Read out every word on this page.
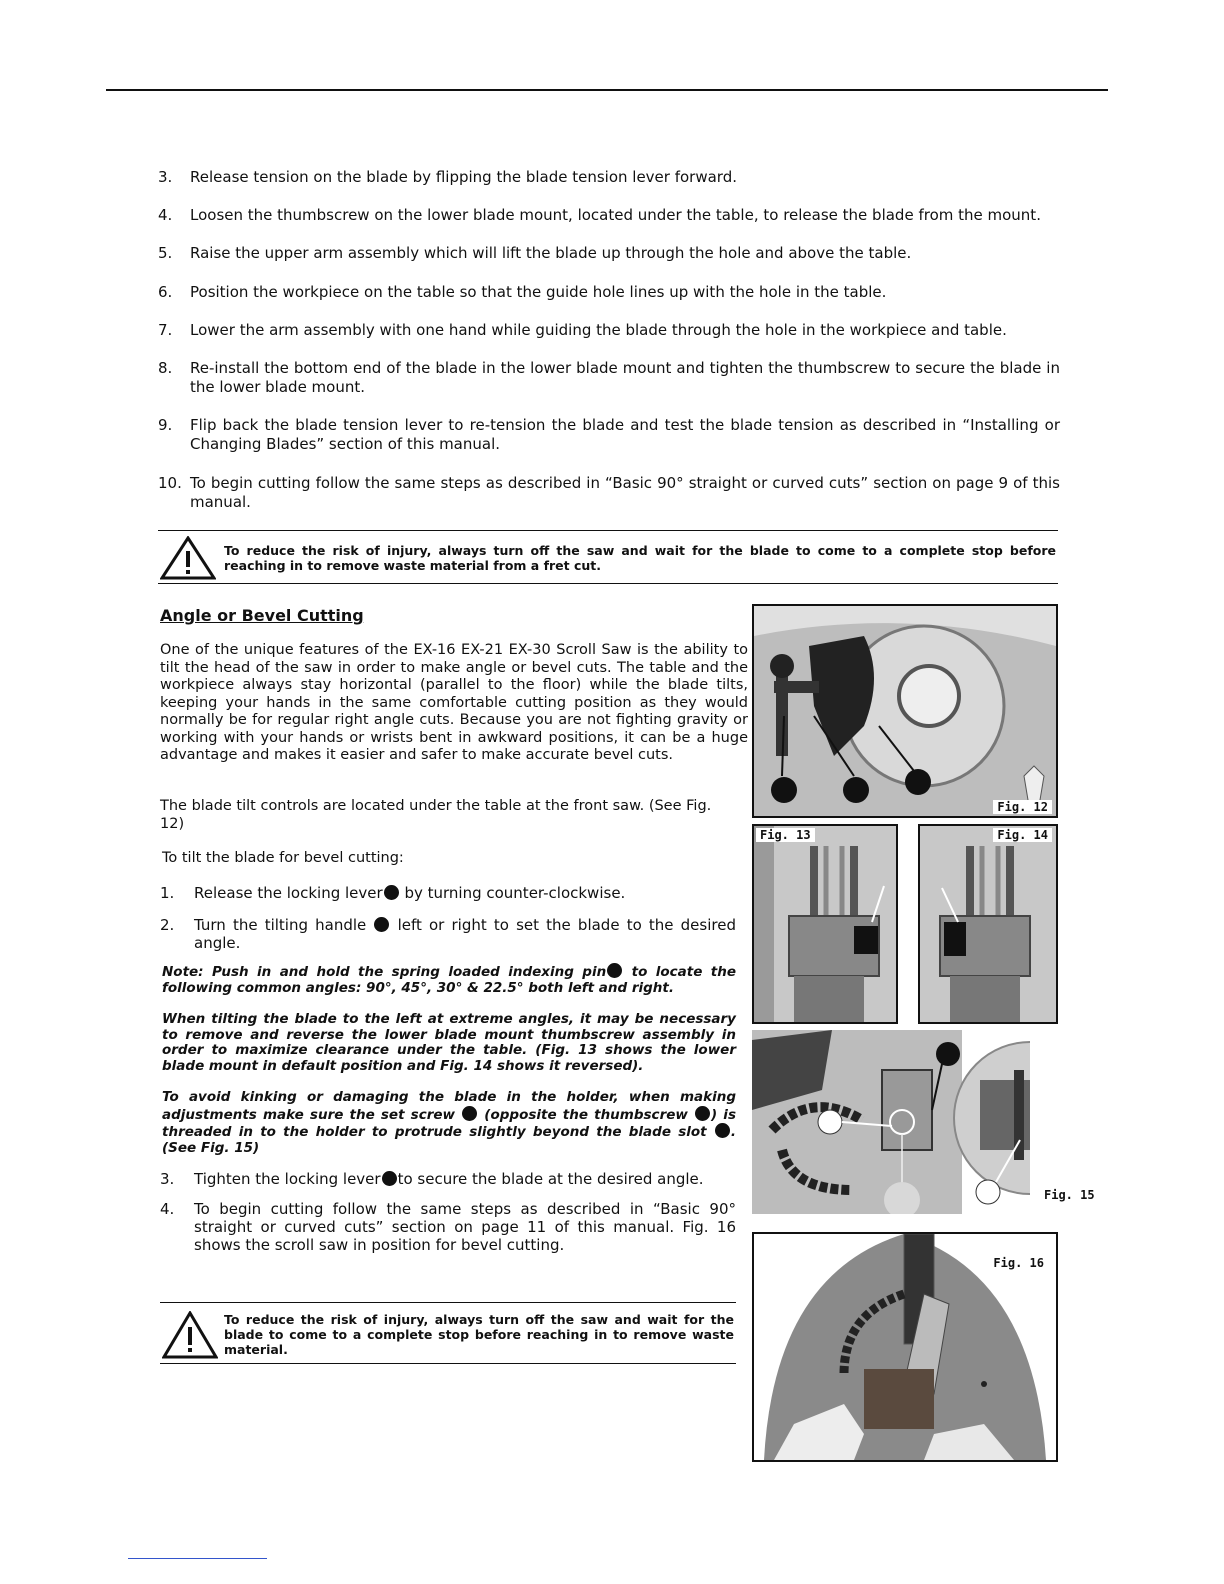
3.	Release tension on the blade by flipping the blade tension lever forward.
4.	Loosen the thumbscrew on the lower blade mount, located under the table, to release the blade from the mount.
5.	Raise the upper arm assembly which will lift the blade up through the hole and above the table.
6.	Position the workpiece on the table so that the guide hole lines up with the hole in the table.
7.	Lower the arm assembly with one hand while guiding the blade through the hole in the workpiece and table.
8.	Re-install the bottom end of the blade in the lower blade mount and tighten the thumbscrew to secure the blade in the lower blade mount.
9.	Flip back the blade tension lever to re-tension the blade and test the blade tension as described in “Installing or Changing Blades” section of this manual.
10. To begin cutting follow the same steps as described in “Basic 90° straight or curved cuts” section on page 9 of this manual.
To reduce the risk of injury, always turn off the saw and wait for the blade to come to a complete stop before reaching in to remove waste material from a fret cut.
Angle or Bevel Cutting
One of the unique features of the EX-16 EX-21 EX-30 Scroll Saw is the ability to tilt the head of the saw in order to make angle or bevel cuts. The table and the workpiece always stay horizontal (parallel to the floor) while the blade tilts, keeping your hands in the same comfortable cutting position as they would normally be for regular right angle cuts. Because you are not fighting gravity or working with your hands or wrists bent in awkward positions, it can be a huge advantage and makes it easier and safer to make accurate bevel cuts.
The blade tilt controls are located under the table at the front saw. (See Fig. 12)
To tilt the blade for bevel cutting:
1.	Release the locking lever by turning counter-clockwise.
2.	Turn the tilting handle  left or right to set the blade to the desired angle.
Note: Push in and hold the spring loaded indexing pin to locate the following common angles: 90°, 45°, 30° & 22.5° both left and right.
When tilting the blade to the left at extreme angles, it may be necessary to remove and reverse the lower blade mount thumbscrew assembly in order to maximize clearance under the table. (Fig. 13 shows the lower blade mount in default position and Fig. 14 shows it reversed).
To avoid kinking or damaging the blade in the holder, when making adjustments make sure the set screw  (opposite the thumbscrew ) is threaded in to the holder to protrude slightly beyond the blade slot . (See Fig. 15)
3.	Tighten the locking lever to secure the blade at the desired angle.
4.	To begin cutting follow the same steps as described in “Basic 90° straight or curved cuts” section on page 11 of this manual. Fig. 16 shows the scroll saw in position for bevel cutting.
To reduce the risk of injury, always turn off the saw and wait for the blade to come to a complete stop before reaching in to remove waste material.
Fig. 12
Fig. 13	Fig. 14
Fig. 15
Fig. 16
